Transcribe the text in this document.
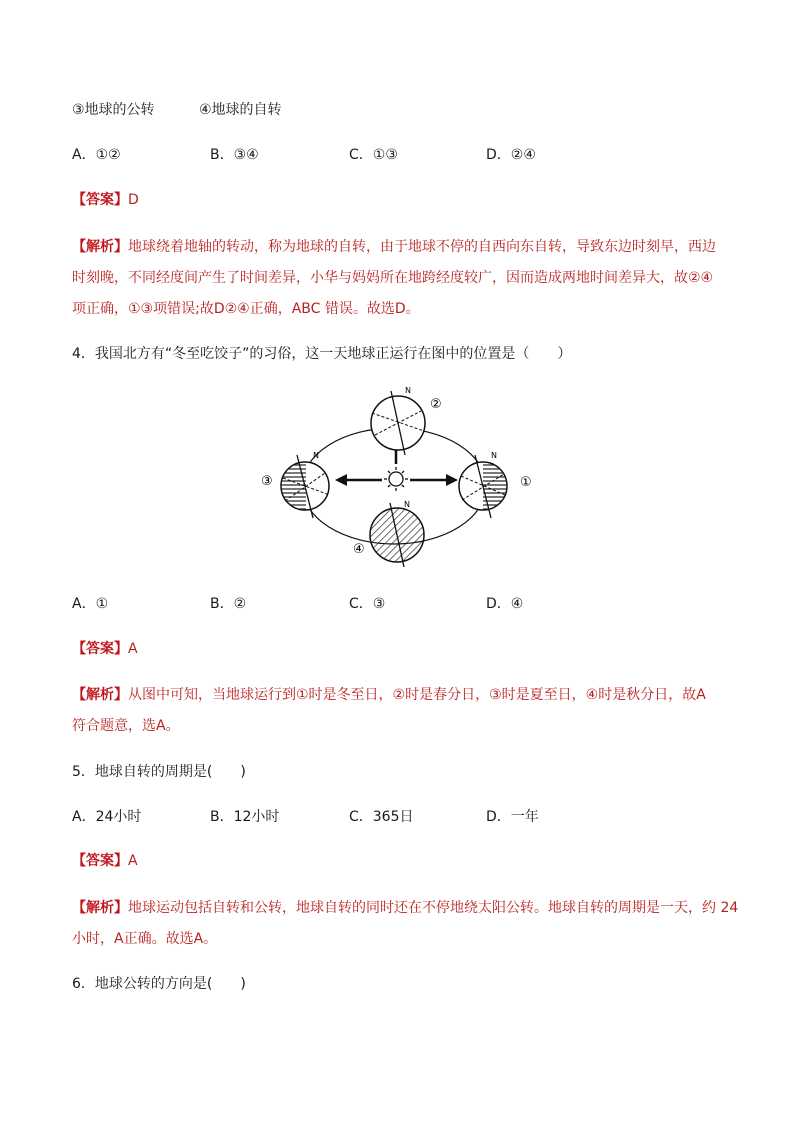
③地球的公转	④地球的自转
A．①②	B．③④	C．①③	D．②④
【答案】D
【解析】地球绕着地轴的转动，称为地球的自转，由于地球不停的自西向东自转，导致东边时刻早，西边
时刻晚，不同经度间产生了时间差异，小华与妈妈所在地跨经度较广，因而造成两地时间差异大，故②④
项正确，①③项错误;故D②④正确，ABC 错误。故选D。
4．我国北方有“冬至吃饺子”的习俗，这一天地球正运行在图中的位置是（　　）
N
②
N
③
N
①
N
④
A．①	B．②	C．③	D．④
【答案】A
【解析】从图中可知，当地球运行到①时是冬至日，②时是春分日，③时是夏至日，④时是秋分日，故A
符合题意，选A。
5．地球自转的周期是(　　)
A．24小时	B．12小时	C．365日	D．一年
【答案】A
【解析】地球运动包括自转和公转，地球自转的同时还在不停地绕太阳公转。地球自转的周期是一天，约 24
小时，A正确。故选A。
6．地球公转的方向是(　　)
